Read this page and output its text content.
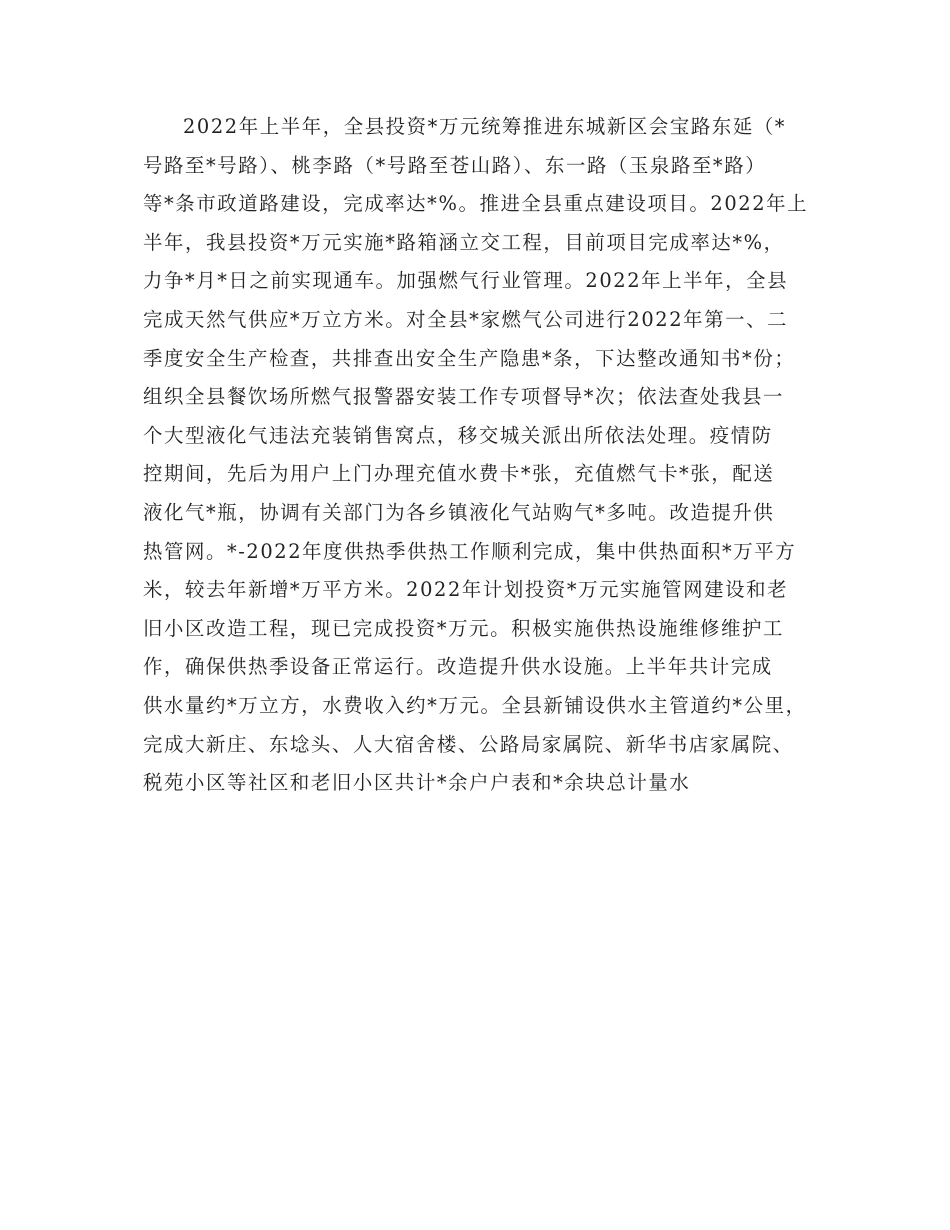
2022年上半年，全县投资*万元统筹推进东城新区会宝路东延（*
号路至*号路）、桃李路（*号路至苍山路）、东一路（玉泉路至*路）
等*条市政道路建设，完成率达*%。推进全县重点建设项目。2022年上
半年，我县投资*万元实施*路箱涵立交工程，目前项目完成率达*%，
力争*月*日之前实现通车。加强燃气行业管理。2022年上半年，全县
完成天然气供应*万立方米。对全县*家燃气公司进行2022年第一、二
季度安全生产检查，共排查出安全生产隐患*条，下达整改通知书*份；
组织全县餐饮场所燃气报警器安装工作专项督导*次；依法查处我县一
个大型液化气违法充装销售窝点，移交城关派出所依法处理。疫情防
控期间，先后为用户上门办理充值水费卡*张，充值燃气卡*张，配送
液化气*瓶，协调有关部门为各乡镇液化气站购气*多吨。改造提升供
热管网。*-2022年度供热季供热工作顺利完成，集中供热面积*万平方
米，较去年新增*万平方米。2022年计划投资*万元实施管网建设和老
旧小区改造工程，现已完成投资*万元。积极实施供热设施维修维护工
作，确保供热季设备正常运行。改造提升供水设施。上半年共计完成
供水量约*万立方，水费收入约*万元。全县新铺设供水主管道约*公里，
完成大新庄、东埝头、人大宿舍楼、公路局家属院、新华书店家属院、
税苑小区等社区和老旧小区共计*余户户表和*余块总计量水
